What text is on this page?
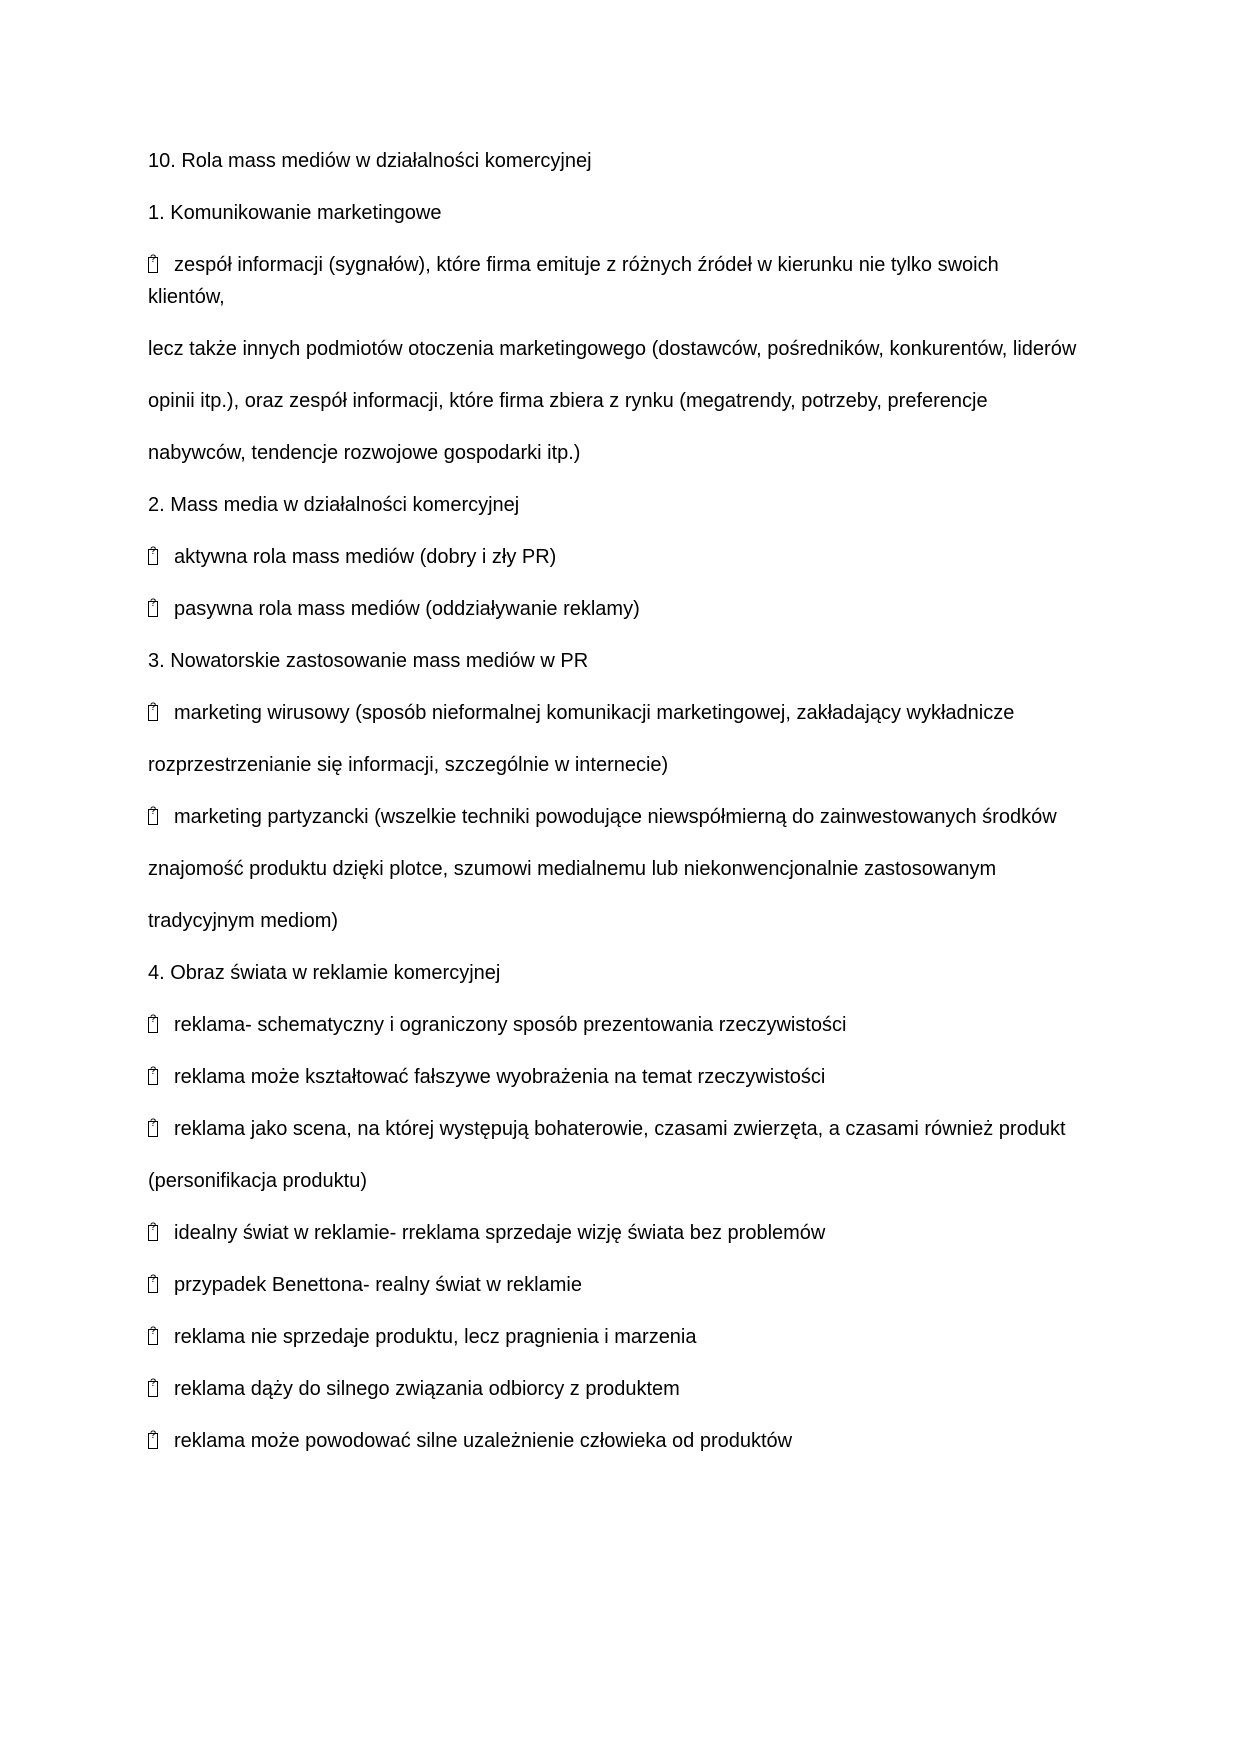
10. Rola mass mediów w działalności komercyjnej
1. Komunikowanie marketingowe
?zespół informacji (sygnałów), które firma emituje z różnych źródeł w kierunku nie tylko swoich klientów,
lecz także innych podmiotów otoczenia marketingowego (dostawców, pośredników, konkurentów, liderów
opinii itp.), oraz zespół informacji, które firma zbiera z rynku (megatrendy, potrzeby, preferencje
nabywców, tendencje rozwojowe gospodarki itp.)
2. Mass media w działalności komercyjnej
?aktywna rola mass mediów (dobry i zły PR)
?pasywna rola mass mediów (oddziaływanie reklamy)
3. Nowatorskie zastosowanie mass mediów w PR
?marketing wirusowy (sposób nieformalnej komunikacji marketingowej, zakładający wykładnicze
rozprzestrzenianie się informacji, szczególnie w internecie)
?marketing partyzancki (wszelkie techniki powodujące niewspółmierną do zainwestowanych środków
znajomość produktu dzięki plotce, szumowi medialnemu lub niekonwencjonalnie zastosowanym
tradycyjnym mediom)
4. Obraz świata w reklamie komercyjnej
?reklama- schematyczny i ograniczony sposób prezentowania rzeczywistości
?reklama może kształtować fałszywe wyobrażenia na temat rzeczywistości
?reklama jako scena, na której występują bohaterowie, czasami zwierzęta, a czasami również produkt
(personifikacja produktu)
?idealny świat w reklamie- rreklama sprzedaje wizję świata bez problemów
?przypadek Benettona- realny świat w reklamie
?reklama nie sprzedaje produktu, lecz pragnienia i marzenia
?reklama dąży do silnego związania odbiorcy z produktem
?reklama może powodować silne uzależnienie człowieka od produktów
